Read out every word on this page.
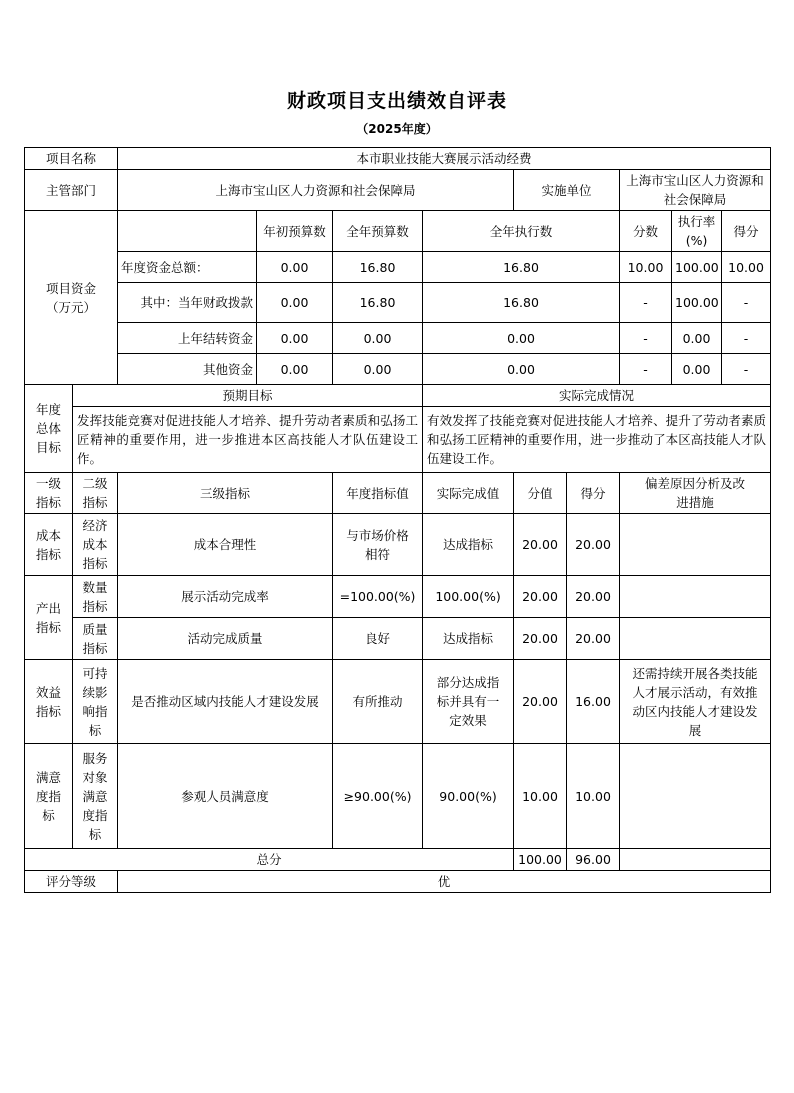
财政项目支出绩效自评表
（2025年度）
项目名称		本市职业技能大赛展示活动经费								
主管部门		上海市宝山区人力资源和社会保障局				实施单位		上海市宝山区人力资源和社会保障局		
项目资金（万元）			年初预算数	全年预算数	全年执行数			分数	执行率(%)	得分
		年度资金总额：	0.00	16.80	16.80			10.00	100.00	10.00
		其中：当年财政拨款	0.00	16.80	16.80			-	100.00	-
		上年结转资金	0.00	0.00	0.00			-	0.00	-
		其他资金	0.00	0.00	0.00			-	0.00	-
年度总体目标	预期目标				实际完成情况					
	发挥技能竞赛对促进技能人才培养、提升劳动者素质和弘扬工匠精神的重要作用，进一步推进本区高技能人才队伍建设工作。				有效发挥了技能竞赛对促进技能人才培养、提升了劳动者素质和弘扬工匠精神的重要作用，进一步推动了本区高技能人才队伍建设工作。					
一级指标	二级指标	三级指标		年度指标值	实际完成值	分值	得分	偏差原因分析及改进措施		
成本指标	经济成本指标	成本合理性		与市场价格相符	达成指标	20.00	20.00			
产出指标	数量指标	展示活动完成率		=100.00(%)	100.00(%)	20.00	20.00			
	质量指标	活动完成质量		良好	达成指标	20.00	20.00			
效益指标	可持续影响指标	是否推动区域内技能人才建设发展		有所推动	部分达成指标并具有一定效果	20.00	16.00	还需持续开展各类技能人才展示活动，有效推动区内技能人才建设发展		
满意度指标	服务对象满意度指标	参观人员满意度		≥90.00(%)	90.00(%)	10.00	10.00			
总分						100.00	96.00			
评分等级		优								
